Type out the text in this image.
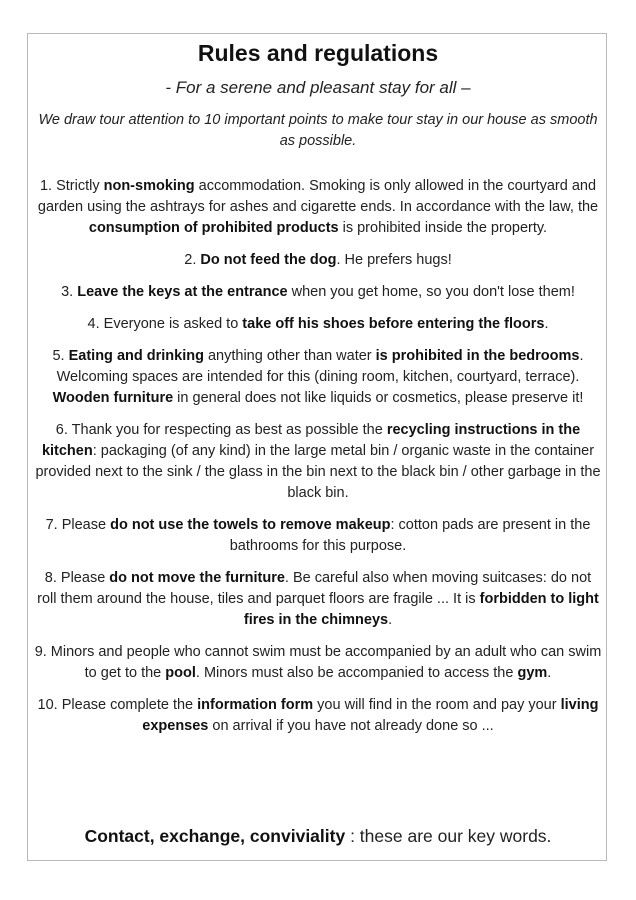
Rules and regulations
- For a serene and pleasant stay for all –
We draw tour attention to 10 important points to make tour stay in our house as smooth as possible.

1. Strictly non-smoking accommodation. Smoking is only allowed in the courtyard and garden using the ashtrays for ashes and cigarette ends. In accordance with the law, the consumption of prohibited products is prohibited inside the property.

2. Do not feed the dog. He prefers hugs!

3. Leave the keys at the entrance when you get home, so you don't lose them!

4. Everyone is asked to take off his shoes before entering the floors.

5. Eating and drinking anything other than water is prohibited in the bedrooms. Welcoming spaces are intended for this (dining room, kitchen, courtyard, terrace). Wooden furniture in general does not like liquids or cosmetics, please preserve it!

6. Thank you for respecting as best as possible the recycling instructions in the kitchen: packaging (of any kind) in the large metal bin / organic waste in the container provided next to the sink / the glass in the bin next to the black bin / other garbage in the black bin.

7. Please do not use the towels to remove makeup: cotton pads are present in the bathrooms for this purpose.

8. Please do not move the furniture. Be careful also when moving suitcases: do not roll them around the house, tiles and parquet floors are fragile ... It is forbidden to light fires in the chimneys.

9. Minors and people who cannot swim must be accompanied by an adult who can swim to get to the pool. Minors must also be accompanied to access the gym.

10. Please complete the information form you will find in the room and pay your living expenses on arrival if you have not already done so ...

Contact, exchange, conviviality : these are our key words.
